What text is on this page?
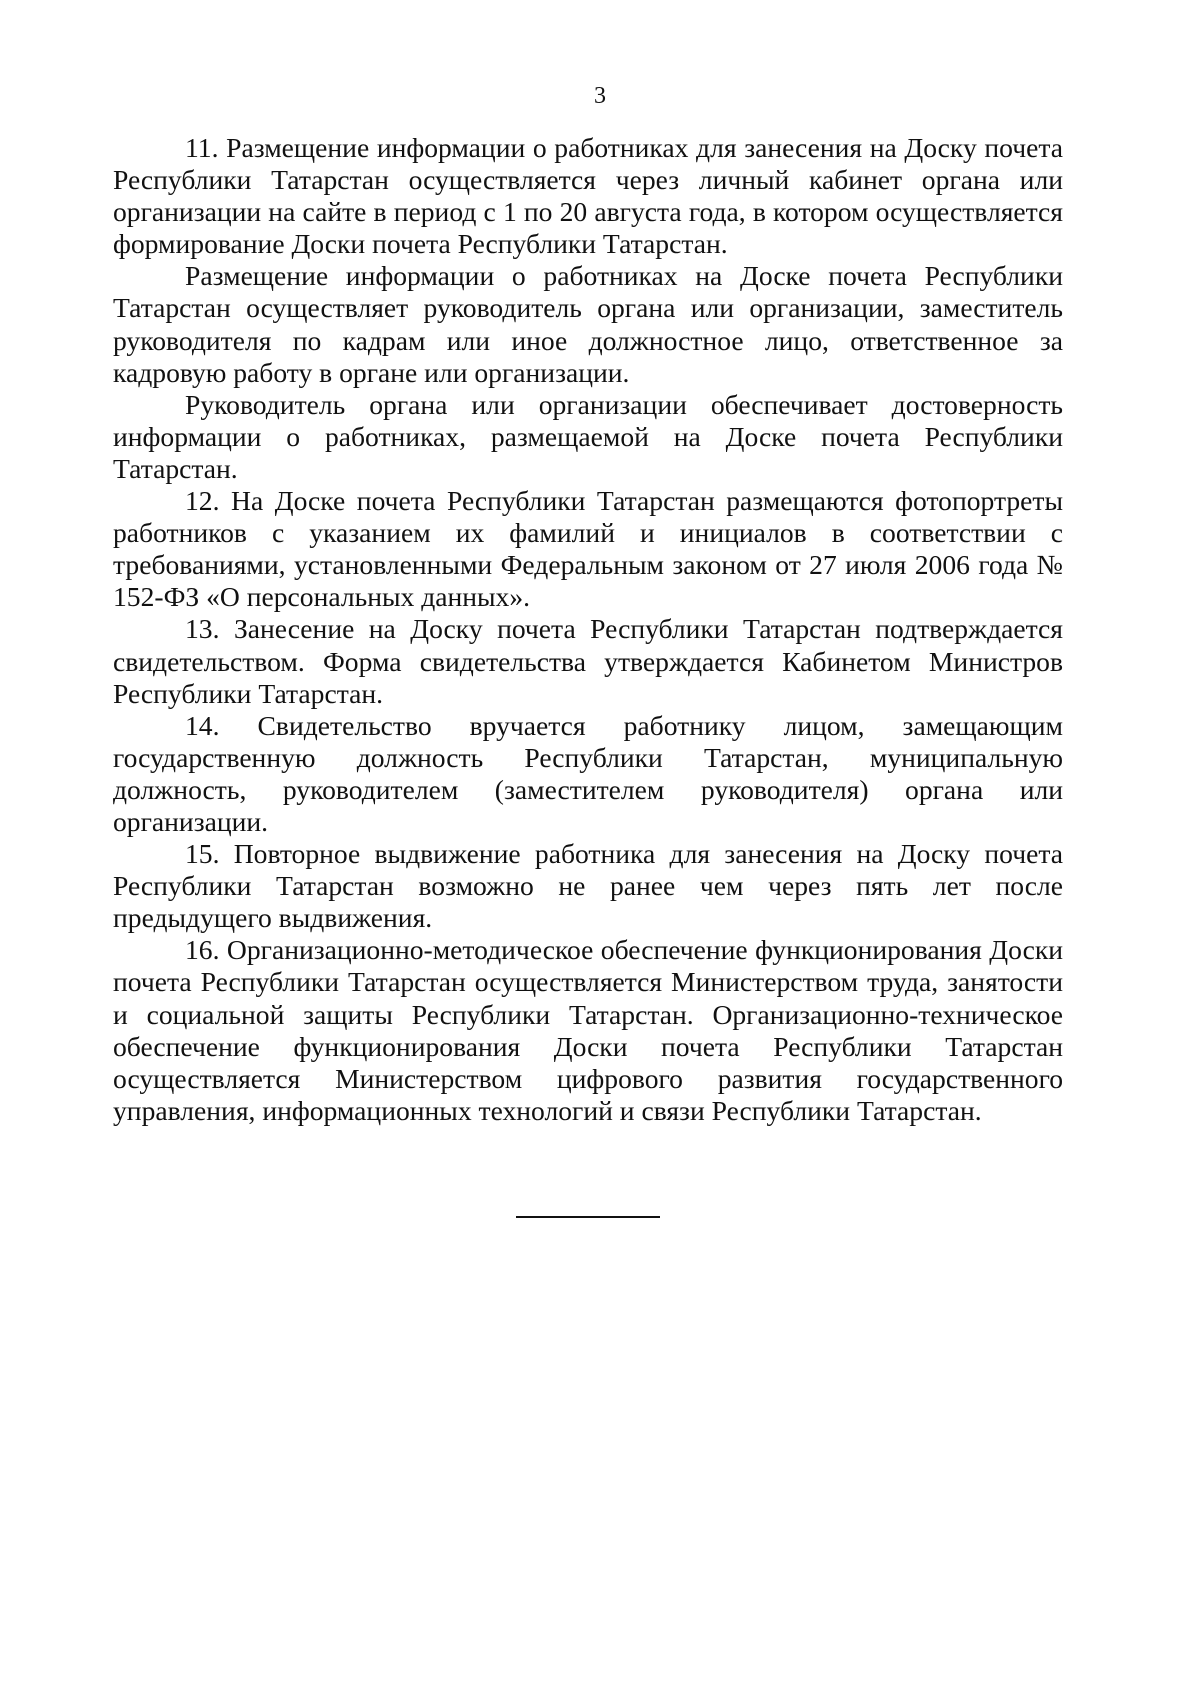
3

11. Размещение информации о работниках для занесения на Доску почета Республики Татарстан осуществляется через личный кабинет органа или организации на сайте в период с 1 по 20 августа года, в котором осуществляется формирование Доски почета Республики Татарстан.

Размещение информации о работниках на Доске почета Республики Татарстан осуществляет руководитель органа или организации, заместитель руководителя по кадрам или иное должностное лицо, ответственное за кадровую работу в органе или организации.

Руководитель органа или организации обеспечивает достоверность информации о работниках, размещаемой на Доске почета Республики Татарстан.

12. На Доске почета Республики Татарстан размещаются фотопортреты работников с указанием их фамилий и инициалов в соответствии с требованиями, установленными Федеральным законом от 27 июля 2006 года № 152-ФЗ «О персональных данных».

13. Занесение на Доску почета Республики Татарстан подтверждается свидетельством. Форма свидетельства утверждается Кабинетом Министров Республики Татарстан.

14. Свидетельство вручается работнику лицом, замещающим государственную должность Республики Татарстан, муниципальную должность, руководителем (заместителем руководителя) органа или организации.

15. Повторное выдвижение работника для занесения на Доску почета Республики Татарстан возможно не ранее чем через пять лет после предыдущего выдвижения.

16. Организационно-методическое обеспечение функционирования Доски почета Республики Татарстан осуществляется Министерством труда, занятости и социальной защиты Республики Татарстан. Организационно-техническое обеспечение функционирования Доски почета Республики Татарстан осуществляется Министерством цифрового развития государственного управления, информационных технологий и связи Республики Татарстан.
